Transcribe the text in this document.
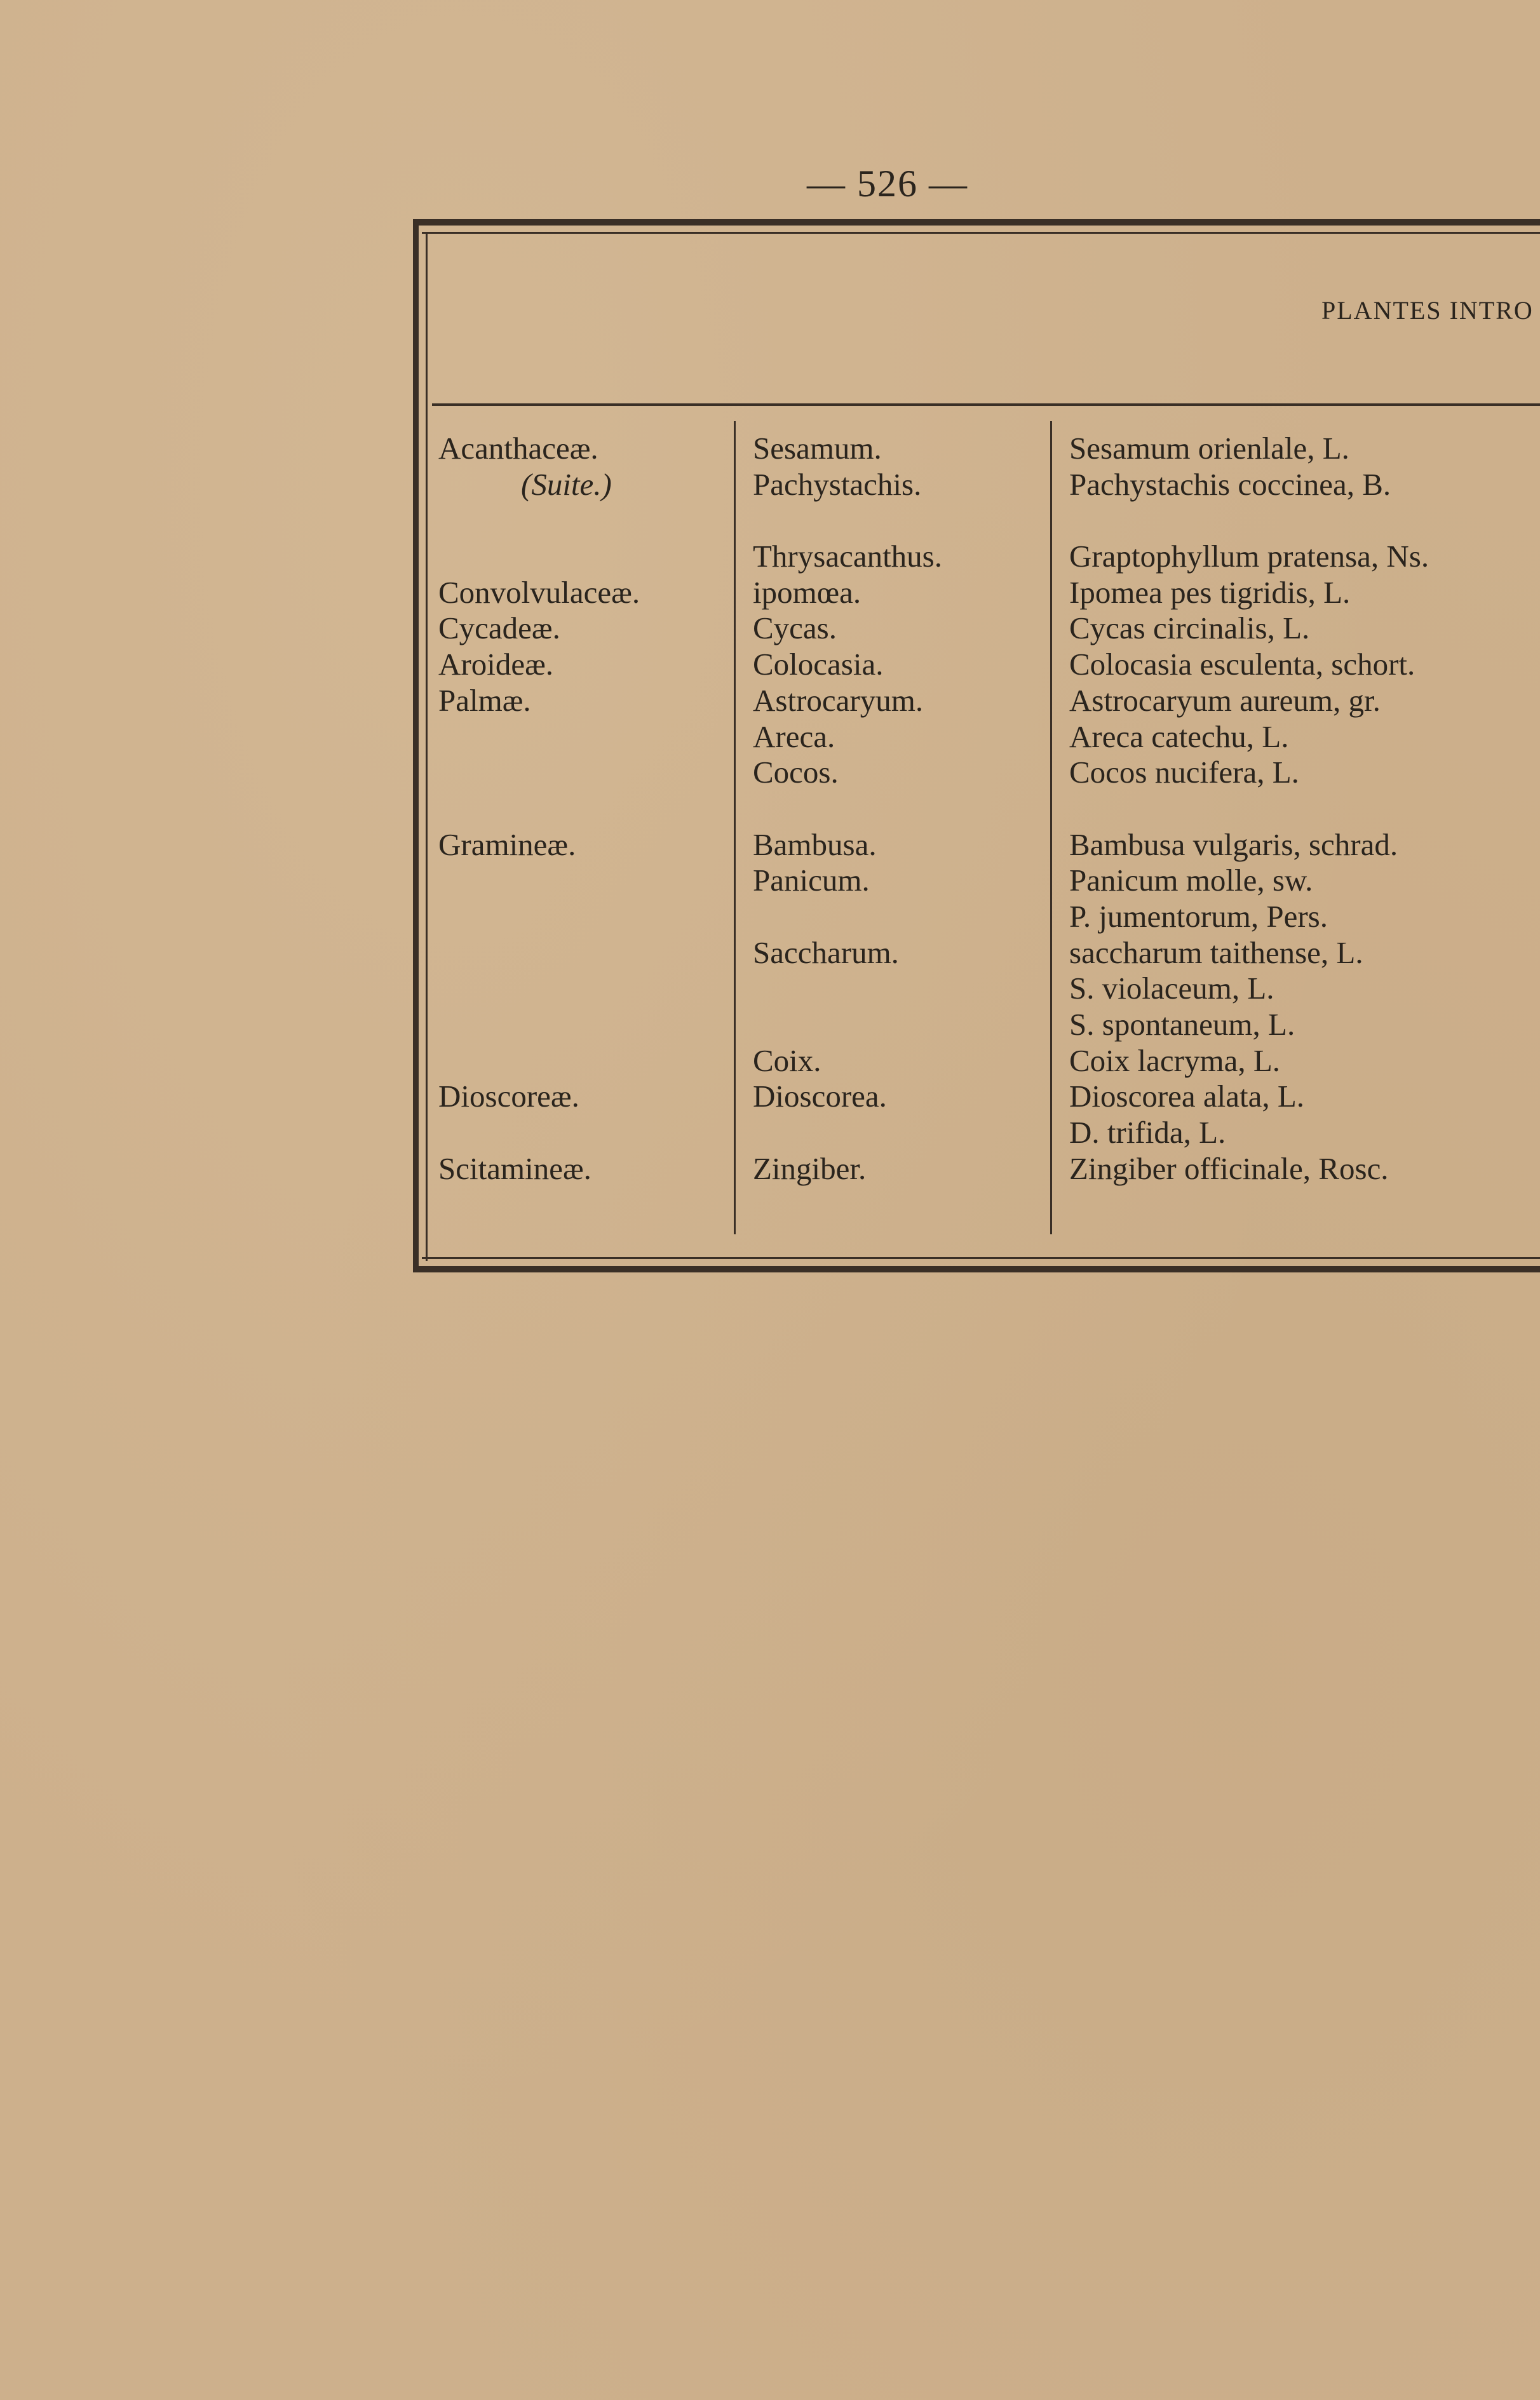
— 526 —
PLANTES INTRO
Acanthaceæ.
(Suite.)
Convolvulaceæ.
Cycadeæ.
Aroideæ.
Palmæ.
Gramineæ.
Dioscoreæ.
Scitamineæ.
Sesamum.
Pachystachis.
Thrysacanthus.
ipomœa.
Cycas.
Colocasia.
Astrocaryum.
Areca.
Cocos.
Bambusa.
Panicum.
Saccharum.
Coix.
Dioscorea.
Zingiber.
Sesamum orienlale, L.
Pachystachis coccinea, B.
Graptophyllum pratensa, Ns.
Ipomea pes tigridis, L.
Cycas circinalis, L.
Colocasia esculenta, schort.
Astrocaryum aureum, gr.
Areca catechu, L.
Cocos nucifera, L.
Bambusa vulgaris, schrad.
Panicum molle, sw.
P. jumentorum, Pers.
saccharum taithense, L.
S. violaceum, L.
S. spontaneum, L.
Coix lacryma, L.
Dioscorea alata, L.
D. trifida, L.
Zingiber officinale, Rosc.
